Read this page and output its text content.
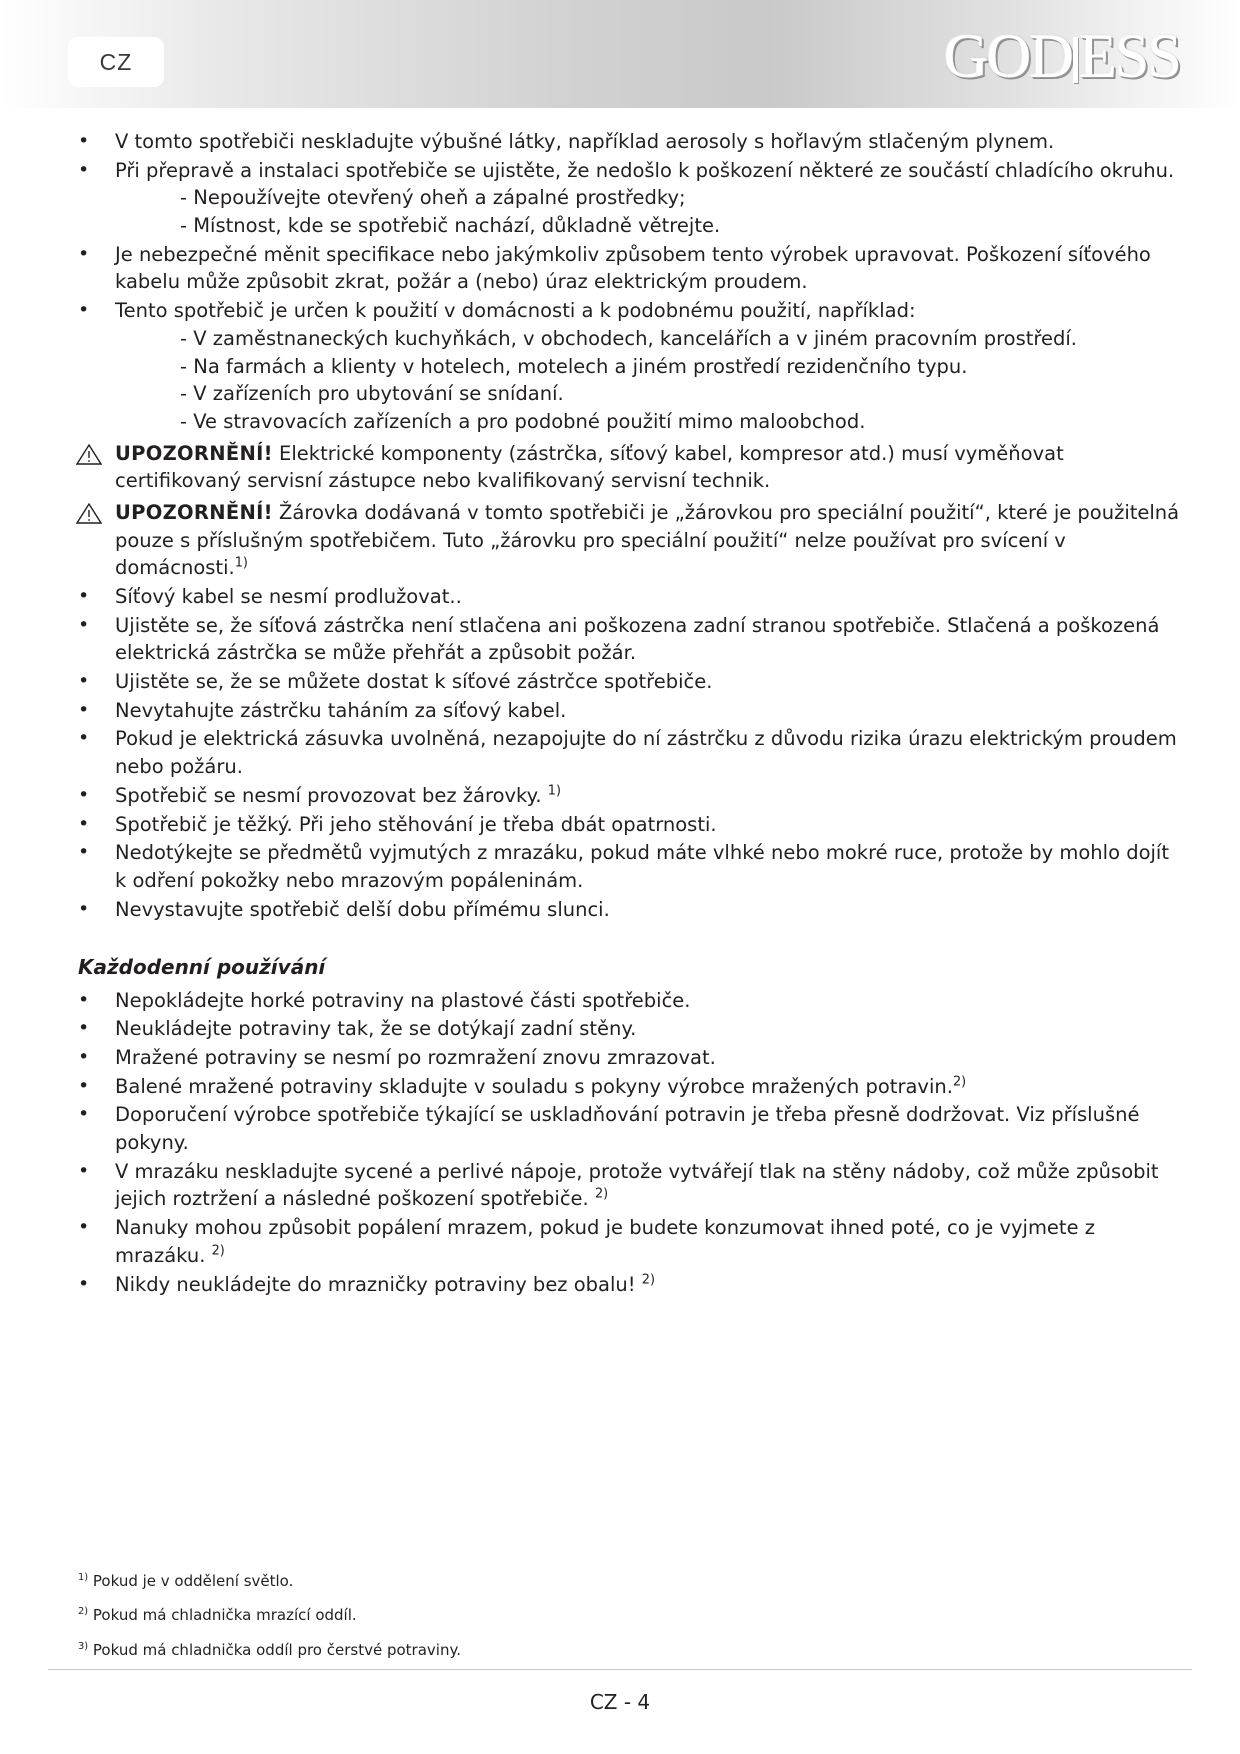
CZ	GOD ESS
• V tomto spotřebiči neskladujte výbušné látky, například aerosoly s hořlavým stlačeným plynem.
• Při přepravě a instalaci spotřebiče se ujistěte, že nedošlo k poškození některé ze součástí chladícího okruhu.
- Nepoužívejte otevřený oheň a zápalné prostředky;
- Místnost, kde se spotřebič nachází, důkladně větrejte.
• Je nebezpečné měnit specifikace nebo jakýmkoliv způsobem tento výrobek upravovat. Poškození síťového kabelu může způsobit zkrat, požár a (nebo) úraz elektrickým proudem.
• Tento spotřebič je určen k použití v domácnosti a k podobnému použití, například:
- V zaměstnaneckých kuchyňkách, v obchodech, kancelářích a v jiném pracovním prostředí.
- Na farmách a klienty v hotelech, motelech a jiném prostředí rezidenčního typu.
- V zařízeních pro ubytování se snídaní.
- Ve stravovacích zařízeních a pro podobné použití mimo maloobchod.
UPOZORNĚNÍ! Elektrické komponenty (zástrčka, síťový kabel, kompresor atd.) musí vyměňovat certifikovaný servisní zástupce nebo kvalifikovaný servisní technik.
UPOZORNĚNÍ! Žárovka dodávaná v tomto spotřebiči je „žárovkou pro speciální použití“, které je použitelná pouze s příslušným spotřebičem. Tuto „žárovku pro speciální použití“ nelze používat pro svícení v domácnosti.$^{1)}$
• Síťový kabel se nesmí prodlužovat..
• Ujistěte se, že síťová zástrčka není stlačena ani poškozena zadní stranou spotřebiče. Stlačená a poškozená elektrická zástrčka se může přehřát a způsobit požár.
• Ujistěte se, že se můžete dostat k síťové zástrčce spotřebiče.
• Nevytahujte zástrčku taháním za síťový kabel.
• Pokud je elektrická zásuvka uvolněná, nezapojujte do ní zástrčku z důvodu rizika úrazu elektrickým proudem nebo požáru.
• Spotřebič se nesmí provozovat bez žárovky. $^{1)}$
• Spotřebič je těžký. Při jeho stěhování je třeba dbát opatrnosti.
• Nedotýkejte se předmětů vyjmutých z mrazáku, pokud máte vlhké nebo mokré ruce, protože by mohlo dojít k odření pokožky nebo mrazovým popáleninám.
• Nevystavujte spotřebič delší dobu přímému slunci.
Každodenní používání
• Nepokládejte horké potraviny na plastové části spotřebiče.
• Neukládejte potraviny tak, že se dotýkají zadní stěny.
• Mražené potraviny se nesmí po rozmražení znovu zmrazovat.
• Balené mražené potraviny skladujte v souladu s pokyny výrobce mražených potravin.$^{2)}$
• Doporučení výrobce spotřebiče týkající se uskladňování potravin je třeba přesně dodržovat. Viz příslušné pokyny.
• V mrazáku neskladujte sycené a perlivé nápoje, protože vytvářejí tlak na stěny nádoby, což může způsobit jejich roztržení a následné poškození spotřebiče. $^{2)}$
• Nanuky mohou způsobit popálení mrazem, pokud je budete konzumovat ihned poté, co je vyjmete z mrazáku. $^{2)}$
• Nikdy neukládejte do mrazničky potraviny bez obalu! $^{2)}$
$^{1)}$ Pokud je v oddělení světlo.
$^{2)}$ Pokud má chladnička mrazící oddíl.
$^{3)}$ Pokud má chladnička oddíl pro čerstvé potraviny.
CZ - 4
